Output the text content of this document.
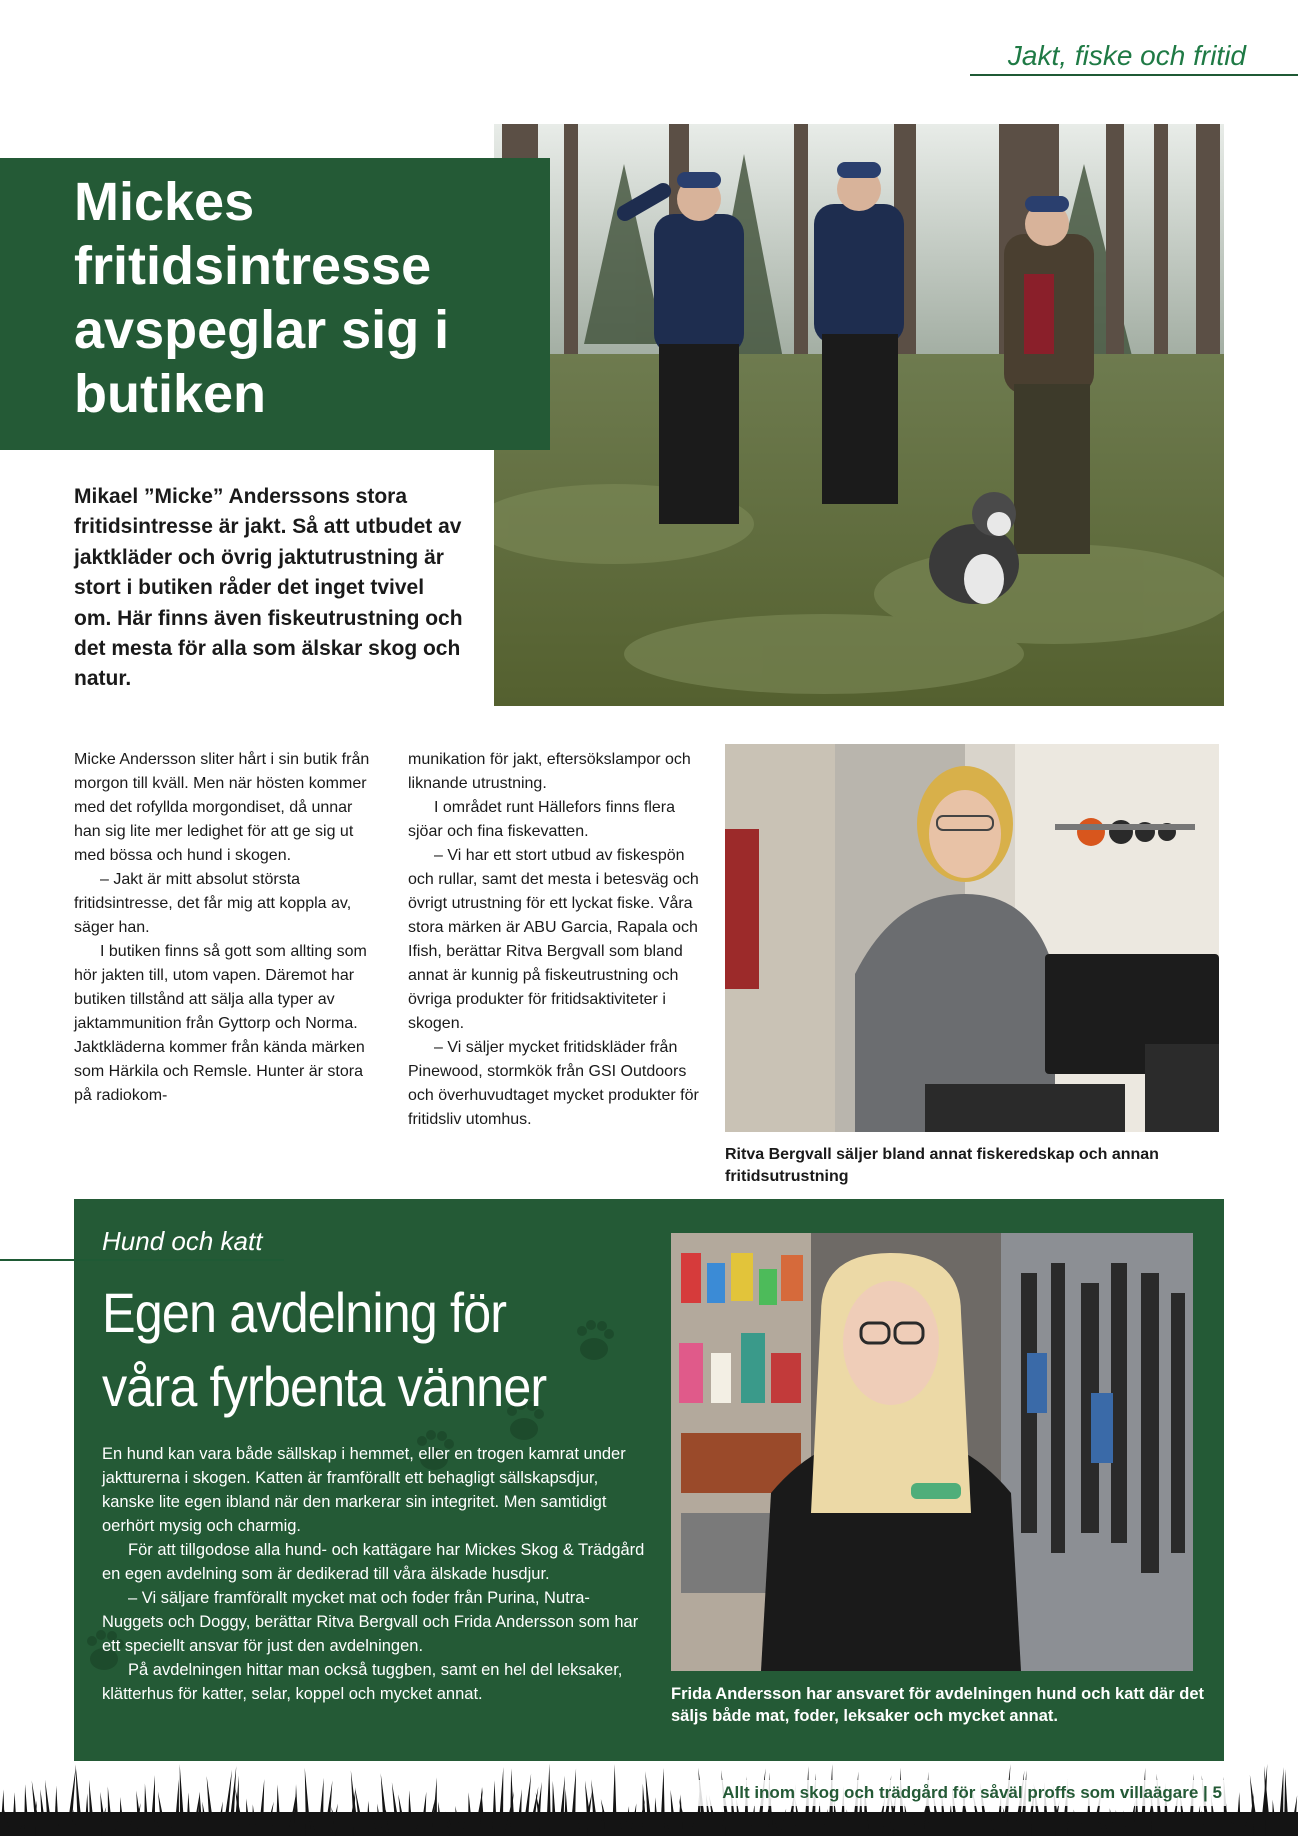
Jakt, fiske och fritid
Mickes fritidsintresse avspeglar sig i butiken

Mikael ”Micke” Anderssons stora fritidsintresse är jakt. Så att utbudet av jaktkläder och övrig jaktutrustning är stort i butiken råder det inget tvivel om. Här finns även fiskeutrustning och det mesta för alla som älskar skog och natur.

Micke Andersson sliter hårt i sin butik från morgon till kväll. Men när hösten kommer med det rofyllda morgondiset, då unnar han sig lite mer ledighet för att ge sig ut med bössa och hund i skogen.

– Jakt är mitt absolut största fritidsintresse, det får mig att koppla av, säger han.

I butiken finns så gott som allting som hör jakten till, utom vapen. Däremot har butiken tillstånd att sälja alla typer av jaktammunition från Gyttorp och Norma. Jaktkläderna kommer från kända märken som Härkila och Remsle. Hunter är stora på radiokom-

munikation för jakt, eftersökslampor och liknande utrustning.

I området runt Hällefors finns flera sjöar och fina fiskevatten.

– Vi har ett stort utbud av fiskespön och rullar, samt det mesta i betesväg och övrigt utrustning för ett lyckat fiske. Våra stora märken är ABU Garcia, Rapala och Ifish, berättar Ritva Bergvall som bland annat är kunnig på fiskeutrustning och övriga produkter för fritidsaktiviteter i skogen.

– Vi säljer mycket fritidskläder från Pinewood, stormkök från GSI Outdoors och överhuvudtaget mycket produkter för fritidsliv utomhus.

Ritva Bergvall säljer bland annat fiskeredskap och annan fritidsutrustning
Hund och katt
Egen avdelning för våra fyrbenta vänner

En hund kan vara både sällskap i hemmet, eller en trogen kamrat under jaktturerna i skogen. Katten är framförallt ett behagligt sällskapsdjur, kanske lite egen ibland när den markerar sin integritet. Men samtidigt oerhört mysig och charmig.

För att tillgodose alla hund- och kattägare har Mickes Skog & Trädgård en egen avdelning som är dedikerad till våra älskade husdjur.

– Vi säljare framförallt mycket mat och foder från Purina, Nutra-Nuggets och Doggy, berättar Ritva Bergvall och Frida Andersson som har ett speciellt ansvar för just den avdelningen.

På avdelningen hittar man också tuggben, samt en hel del leksaker, klätterhus för katter, selar, koppel och mycket annat.	Frida Andersson har ansvaret för avdelningen hund och katt där det säljs både mat, foder, leksaker och mycket annat.
Allt inom skog och trädgård för såväl proffs som villaägare | 5
